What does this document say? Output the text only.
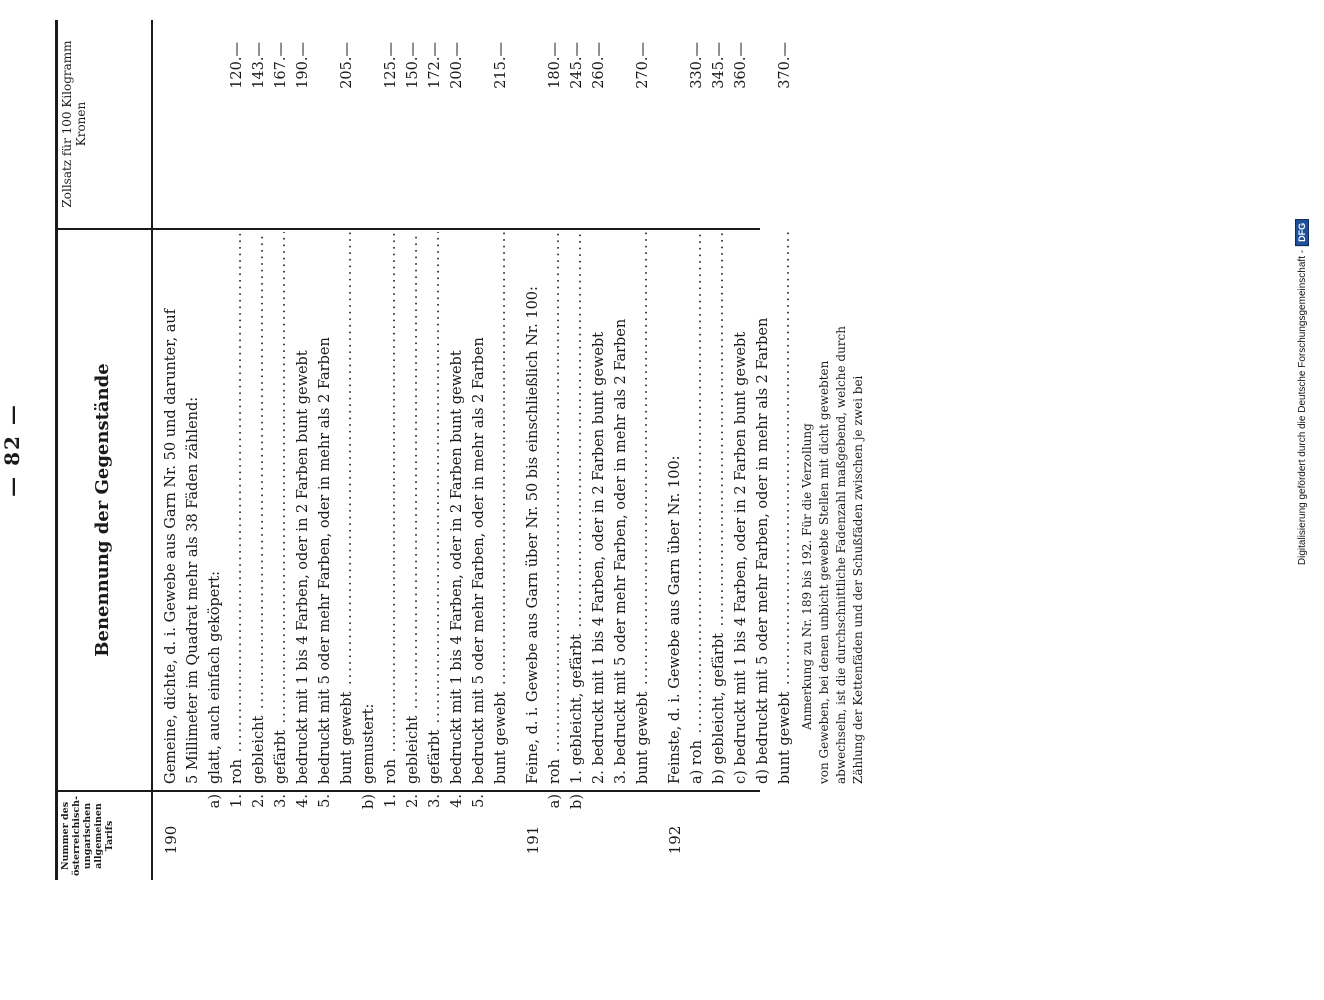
— 82 —
Nummer des österreichisch-ungarischen allgemeinen Tarifs
Benennung der Gegenstände
Zollsatz für 100 Kilogramm Kronen
190
Gemeine, dichte, d. i. Gewebe aus Garn Nr. 50 und darunter, auf 5 Millimeter im Quadrat mehr als 38 Fäden zählend:
a)
glatt, auch einfach geköpert:
1.
roh .....
120.—
2.
gebleicht .....
143.—
3.
gefärbt .....
167.—
4.
bedruckt mit 1 bis 4 Farben, oder in 2 Farben bunt gewebt
190.—
5.
bedruckt mit 5 oder mehr Farben, oder in mehr als 2 Farben bunt gewebt .....
205.—
b)
gemustert:
1.
roh .....
125.—
2.
gebleicht .....
150.—
3.
gefärbt .....
172.—
4.
bedruckt mit 1 bis 4 Farben, oder in 2 Farben bunt gewebt
200.—
5.
bedruckt mit 5 oder mehr Farben, oder in mehr als 2 Farben bunt gewebt .....
215.—
191
Feine, d. i. Gewebe aus Garn über Nr. 50 bis einschließlich Nr. 100:
a)
roh .....
180.—
b)
1. gebleicht, gefärbt .....
245.—
2. bedruckt mit 1 bis 4 Farben, oder in 2 Farben bunt gewebt
260.—
3. bedruckt mit 5 oder mehr Farben, oder in mehr als 2 Farben bunt gewebt .....
270.—
192
Feinste, d. i. Gewebe aus Garn über Nr. 100: a) roh .....
330.—
b) gebleicht, gefärbt .....
345.—
c) bedruckt mit 1 bis 4 Farben, oder in 2 Farben bunt gewebt
360.—
d) bedruckt mit 5 oder mehr Farben, oder in mehr als 2 Farben bunt gewebt .....
370.—
Anmerkung zu Nr. 189 bis 192. Für die Verzollung von Geweben, bei denen unbicht gewebte Stellen mit dicht gewebten abwechseln, ist die durchschnittliche Fadenzahl maßgebend, welche durch Zählung der Kettenfäden und der Schußfäden zwischen je zwei bei	Digitalisierung gefördert durch die Deutsche Forschungsgemeinschaft -
DFG
